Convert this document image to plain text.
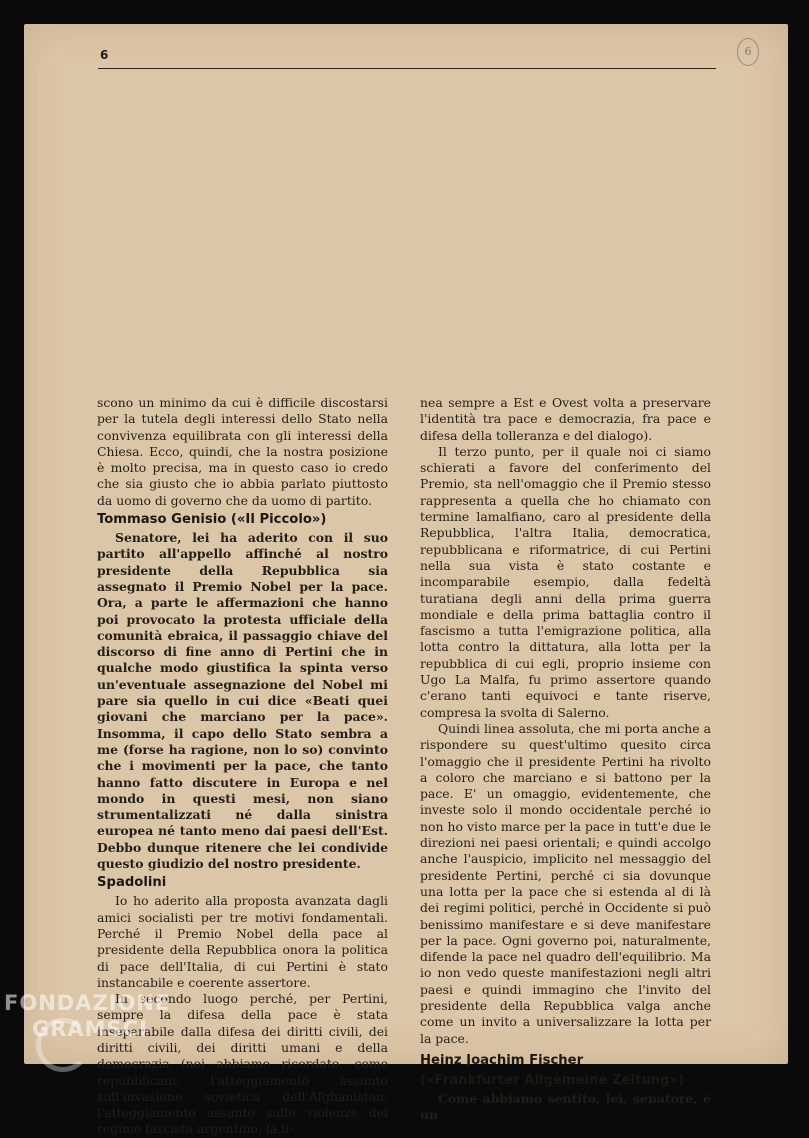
6	6

scono un minimo da cui è difficile discostarsi per la tutela degli interessi dello Stato nella convivenza equilibrata con gli interessi della Chiesa. Ecco, quindi, che la nostra posizione è molto precisa, ma in questo caso io credo che sia giusto che io abbia parlato piuttosto da uomo di governo che da uomo di partito.

Tommaso Genisio («Il Piccolo»)

Senatore, lei ha aderito con il suo partito all'appello affinché al nostro presidente della Repubblica sia assegnato il Premio Nobel per la pace. Ora, a parte le affermazioni che hanno poi provocato la protesta ufficiale della comunità ebraica, il passaggio chiave del discorso di fine anno di Pertini che in qualche modo giustifica la spinta verso un'eventuale assegnazione del Nobel mi pare sia quello in cui dice «Beati quei giovani che marciano per la pace». Insomma, il capo dello Stato sembra a me (forse ha ragione, non lo so) convinto che i movimenti per la pace, che tanto hanno fatto discutere in Europa e nel mondo in questi mesi, non siano strumentalizzati né dalla sinistra europea né tanto meno dai paesi dell'Est. Debbo dunque ritenere che lei condivide questo giudizio del nostro presidente.

Spadolini

Io ho aderito alla proposta avanzata dagli amici socialisti per tre motivi fondamentali. Perché il Premio Nobel della pace al presidente della Repubblica onora la politica di pace dell'Italia, di cui Pertini è stato instancabile e coerente assertore.

In secondo luogo perché, per Pertini, sempre la difesa della pace è stata inseparabile dalla difesa dei diritti civili, dei diritti civili, dei diritti umani e della democrazia (noi abbiamo ricordato, come repubblicani, l'atteggiamento assunto sull'invasione sovietica dell'Afghanistan, l'atteggiamento assunto sulle violenze del regime fascista argentino, la li-

nea sempre a Est e Ovest volta a preservare l'identità tra pace e democrazia, fra pace e difesa della tolleranza e del dialogo).

Il terzo punto, per il quale noi ci siamo schierati a favore del conferimento del Premio, sta nell'omaggio che il Premio stesso rappresenta a quella che ho chiamato con termine lamalfiano, caro al presidente della Repubblica, l'altra Italia, democratica, repubblicana e riformatrice, di cui Pertini nella sua vista è stato costante e incomparabile esempio, dalla fedeltà turatiana degli anni della prima guerra mondiale e della prima battaglia contro il fascismo a tutta l'emigrazione politica, alla lotta contro la dittatura, alla lotta per la repubblica di cui egli, proprio insieme con Ugo La Malfa, fu primo assertore quando c'erano tanti equivoci e tante riserve, compresa la svolta di Salerno.

Quindi linea assoluta, che mi porta anche a rispondere su quest'ultimo quesito circa l'omaggio che il presidente Pertini ha rivolto a coloro che marciano e si battono per la pace. E' un omaggio, evidentemente, che investe solo il mondo occidentale perché io non ho visto marce per la pace in tutt'e due le direzioni nei paesi orientali; e quindi accolgo anche l'auspicio, implicito nel messaggio del presidente Pertini, perché ci sia dovunque una lotta per la pace che si estenda al di là dei regimi politici, perché in Occidente si può benissimo manifestare e si deve manifestare per la pace. Ogni governo poi, naturalmente, difende la pace nel quadro dell'equilibrio. Ma io non vedo queste manifestazioni negli altri paesi e quindi immagino che l'invito del presidente della Repubblica valga anche come un invito a universalizzare la lotta per la pace.

Heinz Joachim Fischer
(«Frankfurter Allgemeine Zeitung»)

Come abbiamo sentito, lei, senatore, è un

FONDAZIONE
GRAMSCI
